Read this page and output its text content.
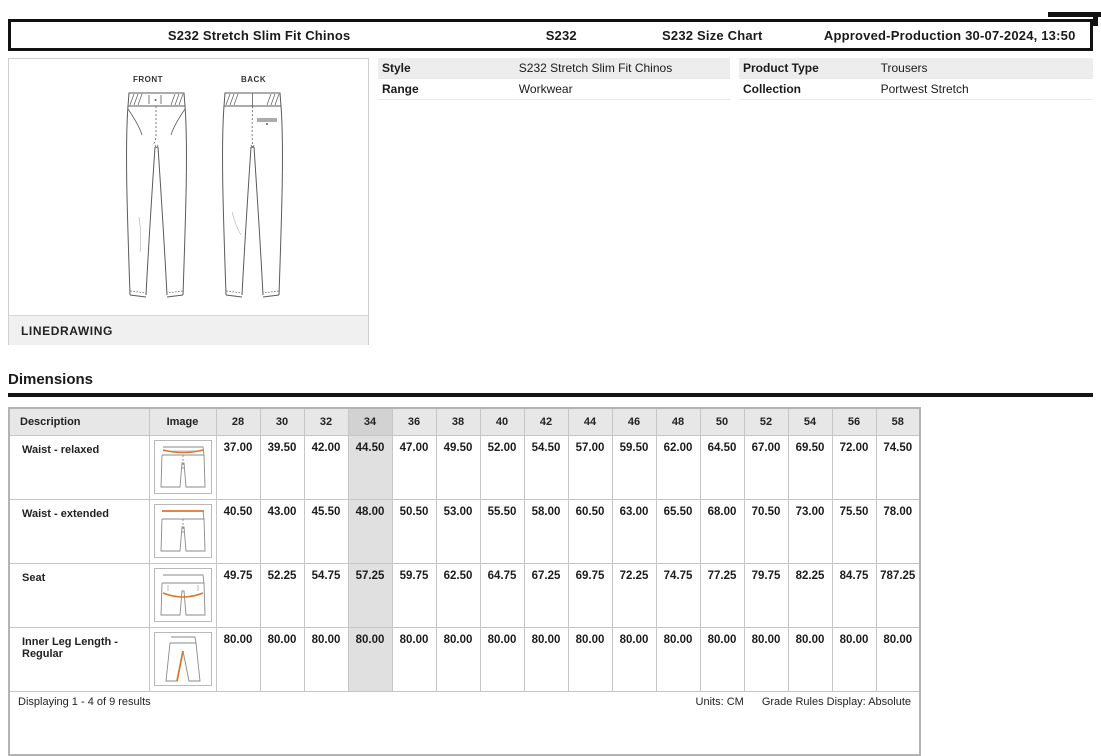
S232 Stretch Slim Fit Chinos	S232	S232 Size Chart	Approved-Production 30-07-2024, 13:50
FRONT	BACK
LINEDRAWING
Style	S232 Stretch Slim Fit Chinos
Range	Workwear
Product Type	Trousers
Collection	Portwest Stretch
Dimensions
Description	Image	28	30	32	34	36	38	40	42	44	46	48	50	52	54	56	58
Waist - relaxed		37.00	39.50	42.00	44.50	47.00	49.50	52.00	54.50	57.00	59.50	62.00	64.50	67.00	69.50	72.00	74.50
Waist - extended		40.50	43.00	45.50	48.00	50.50	53.00	55.50	58.00	60.50	63.00	65.50	68.00	70.50	73.00	75.50	78.00
Seat		49.75	52.25	54.75	57.25	59.75	62.50	64.75	67.25	69.75	72.25	74.75	77.25	79.75	82.25	84.75	787.25
Inner Leg Length - Regular		80.00	80.00	80.00	80.00	80.00	80.00	80.00	80.00	80.00	80.00	80.00	80.00	80.00	80.00	80.00	80.00

Displaying 1 - 4 of 9 results Units: CM Grade Rules Display: Absolute																	
